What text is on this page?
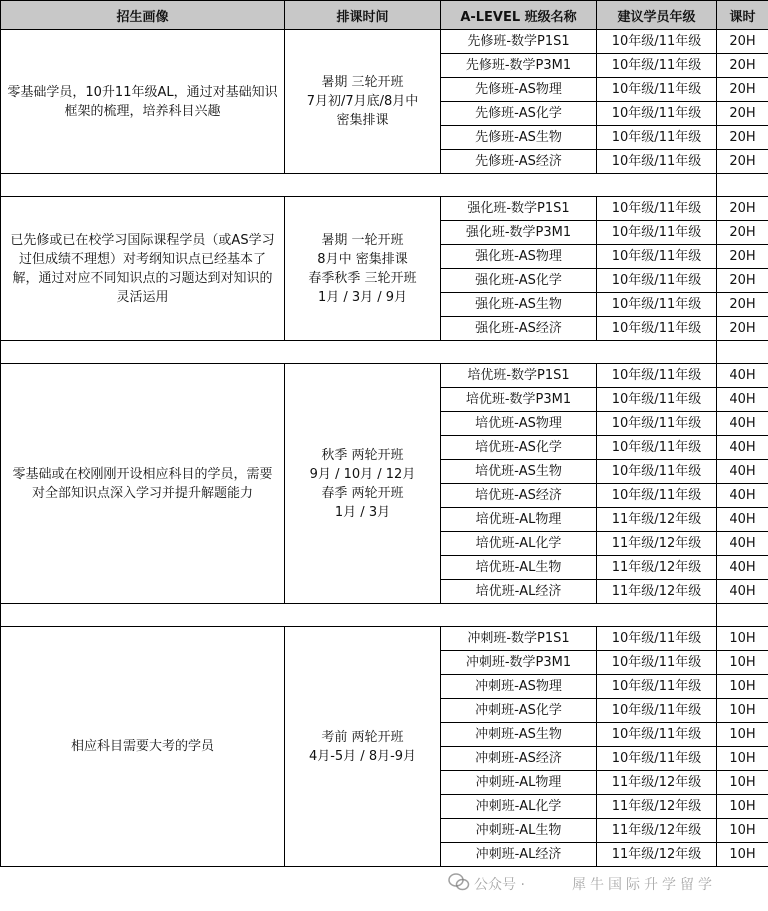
招生画像	排课时间	A-LEVEL 班级名称	建议学员年级	课时

零基础学员，10升11年级AL，通过对基础知识框架的梳理，培养科目兴趣	暑期 三轮开班
7月初/7月底/8月中
密集排课	先修班-数学P1S1	10年级/11年级	20H
		先修班-数学P3M1	10年级/11年级	20H
		先修班-AS物理	10年级/11年级	20H
		先修班-AS化学	10年级/11年级	20H
		先修班-AS生物	10年级/11年级	20H
		先修班-AS经济	10年级/11年级	20H

已先修或已在校学习国际课程学员（或AS学习过但成绩不理想）对考纲知识点已经基本了解，通过对应不同知识点的习题达到对知识的灵活运用	暑期 一轮开班
8月中 密集排课
春季秋季 三轮开班
1月 / 3月 / 9月	强化班-数学P1S1	10年级/11年级	20H
		强化班-数学P3M1	10年级/11年级	20H
		强化班-AS物理	10年级/11年级	20H
		强化班-AS化学	10年级/11年级	20H
		强化班-AS生物	10年级/11年级	20H
		强化班-AS经济	10年级/11年级	20H

零基础或在校刚刚开设相应科目的学员，需要对全部知识点深入学习并提升解题能力	秋季 两轮开班
9月 / 10月 / 12月
春季 两轮开班
1月 / 3月	培优班-数学P1S1	10年级/11年级	40H
		培优班-数学P3M1	10年级/11年级	40H
		培优班-AS物理	10年级/11年级	40H
		培优班-AS化学	10年级/11年级	40H
		培优班-AS生物	10年级/11年级	40H
		培优班-AS经济	10年级/11年级	40H
		培优班-AL物理	11年级/12年级	40H
		培优班-AL化学	11年级/12年级	40H
		培优班-AL生物	11年级/12年级	40H
		培优班-AL经济	11年级/12年级	40H

相应科目需要大考的学员	考前 两轮开班
4月-5月 / 8月-9月	冲刺班-数学P1S1	10年级/11年级	10H
		冲刺班-数学P3M1	10年级/11年级	10H
		冲刺班-AS物理	10年级/11年级	10H
		冲刺班-AS化学	10年级/11年级	10H
		冲刺班-AS生物	10年级/11年级	10H
		冲刺班-AS经济	10年级/11年级	10H
		冲刺班-AL物理	11年级/12年级	10H
		冲刺班-AL化学	11年级/12年级	10H
		冲刺班-AL生物	11年级/12年级	10H
		冲刺班-AL经济	11年级/12年级	10H
公众号 ·	犀牛国际升学留学
